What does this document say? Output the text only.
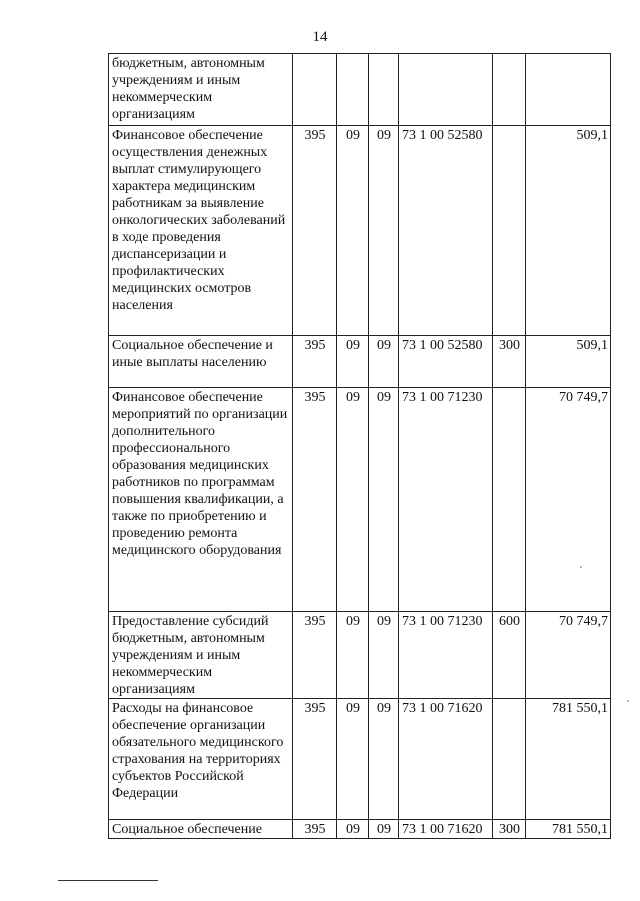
14
бюджетным, автономным учреждениям и иным некоммерческим организациям						
Финансовое обеспечение осуществления денежных выплат стимулирующего характера медицинским работникам за выявление онкологических заболеваний в ходе проведения диспансеризации и профилактических медицинских осмотров населения	395	09	09	73 1 00 52580		509,1
Социальное обеспечение и иные выплаты населению	395	09	09	73 1 00 52580	300	509,1
Финансовое обеспечение мероприятий по организации дополнительного профессионального образования медицинских работников по программам повышения квалификации, а также по приобретению и проведению ремонта медицинского оборудования	395	09	09	73 1 00 71230		70 749,7
Предоставление субсидий бюджетным, автономным учреждениям и иным некоммерческим организациям	395	09	09	73 1 00 71230	600	70 749,7
Расходы на финансовое обеспечение организации обязательного медицинского страхования на территориях субъектов Российской Федерации	395	09	09	73 1 00 71620		781 550,1
Социальное обеспечение	395	09	09	73 1 00 71620	300	781 550,1
